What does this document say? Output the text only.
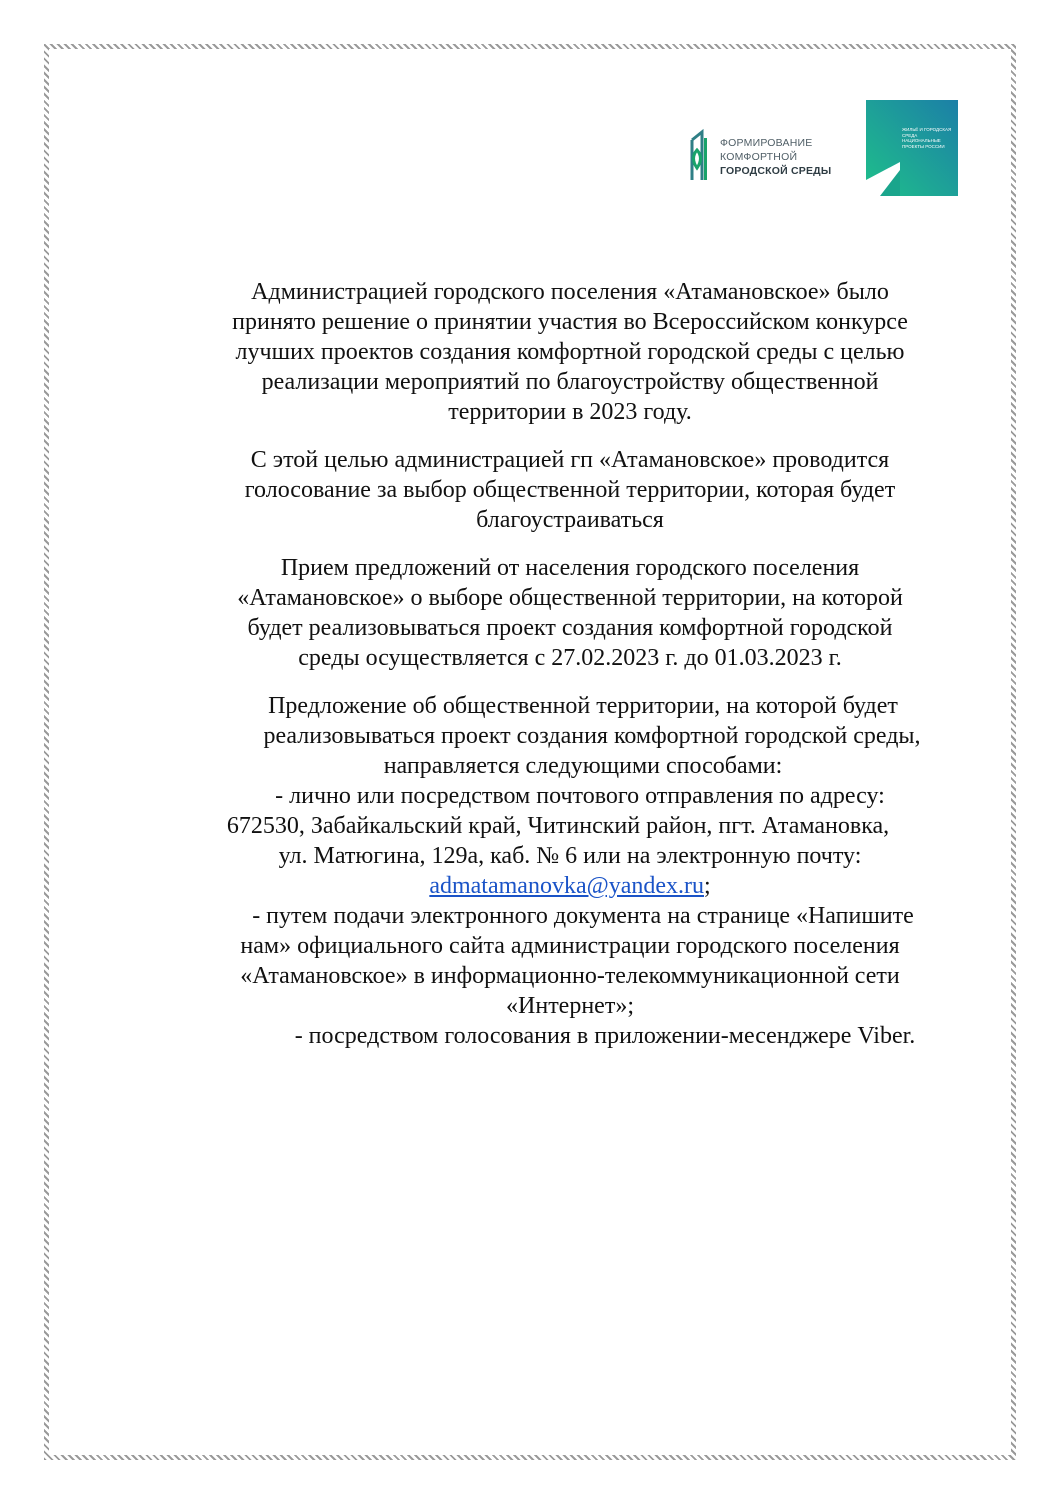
ФОРМИРОВАНИЕ
КОМФОРТНОЙ
ГОРОДСКОЙ СРЕДЫ
ЖИЛЬЁ И ГОРОДСКАЯ СРЕДА
НАЦИОНАЛЬНЫЕ ПРОЕКТЫ РОССИИ
Администрацией городского поселения «Атамановское» было
принято решение о принятии участия во Всероссийском конкурсе
лучших проектов создания комфортной городской среды с целью
реализации мероприятий по благоустройству общественной
территории в 2023 году.
С этой целью администрацией гп «Атамановское» проводится
голосование за выбор общественной территории, которая будет
благоустраиваться
Прием предложений от населения городского поселения
«Атамановское» о выборе общественной территории, на которой
будет реализовываться проект создания комфортной городской
среды осуществляется с 27.02.2023 г. до 01.03.2023 г.
Предложение об общественной территории, на которой будет
реализовываться проект создания комфортной городской среды,
направляется следующими способами:
- лично или посредством почтового отправления по адресу:
672530, Забайкальский край, Читинский район, пгт. Атамановка,
ул. Матюгина, 129а, каб. № 6 или на электронную почту:
admatamanovka@yandex.ru;
- путем подачи электронного документа на странице «Напишите
нам» официального сайта администрации городского поселения
«Атамановское» в информационно-телекоммуникационной сети
«Интернет»;
- посредством голосования в приложении-месенджере Viber.
